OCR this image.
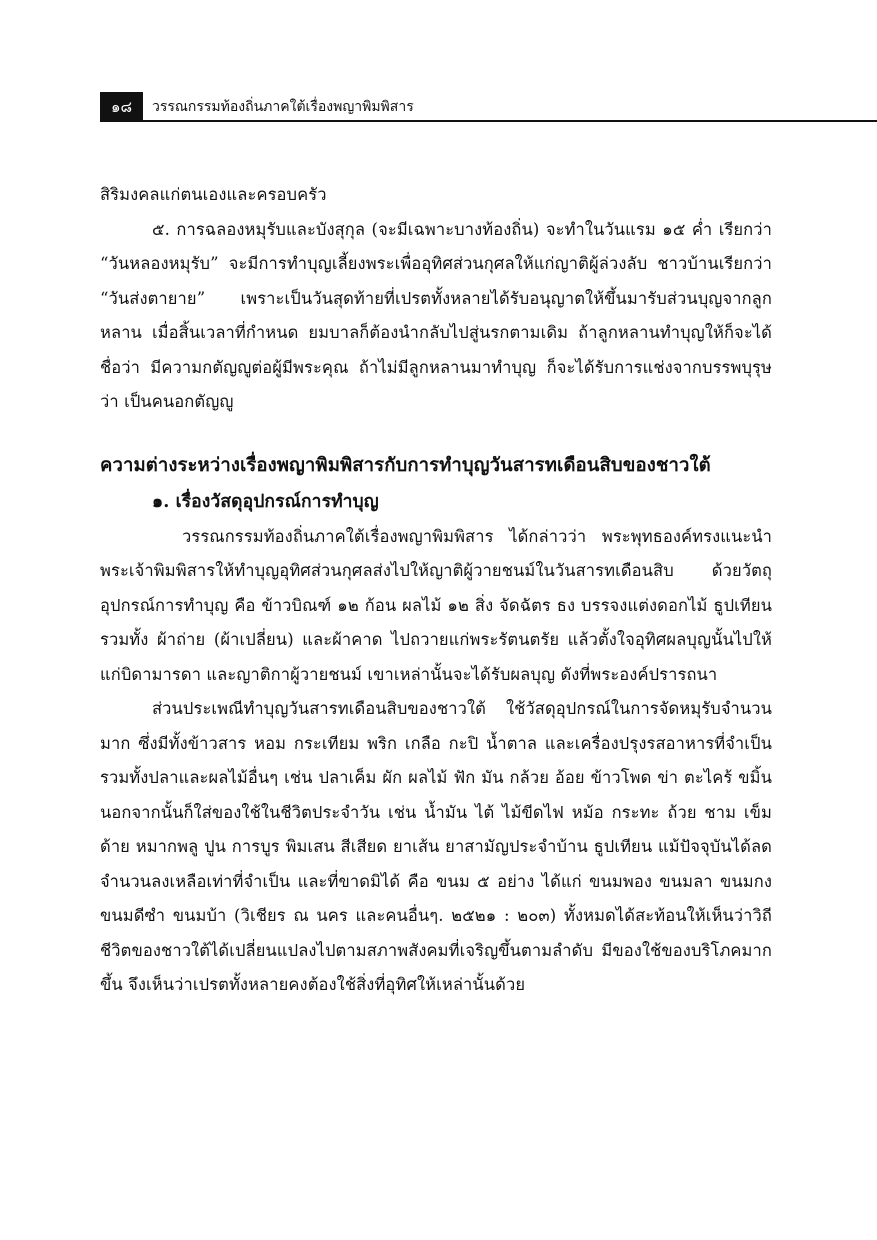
๑๘	วรรณกรรมท้องถิ่นภาคใต้เรื่องพญาพิมพิสาร

สิริมงคลแก่ตนเองและครอบครัว

๕. การฉลองหมุรับและบังสุกุล (จะมีเฉพาะบางท้องถิ่น) จะทำในวันแรม ๑๕ ค่ำ เรียกว่า “วันหลองหมุรับ” จะมีการทำบุญเลี้ยงพระเพื่ออุทิศส่วนกุศลให้แก่ญาติผู้ล่วงลับ ชาวบ้านเรียกว่า “วันส่งตายาย” เพราะเป็นวันสุดท้ายที่เปรตทั้งหลายได้รับอนุญาตให้ขึ้นมารับส่วนบุญจากลูกหลาน เมื่อสิ้นเวลาที่กำหนด ยมบาลก็ต้องนำกลับไปสู่นรกตามเดิม ถ้าลูกหลานทำบุญให้ก็จะได้ชื่อว่า มีความกตัญญูต่อผู้มีพระคุณ ถ้าไม่มีลูกหลานมาทำบุญ ก็จะได้รับการแช่งจากบรรพบุรุษว่า เป็นคนอกตัญญู

ความต่างระหว่างเรื่องพญาพิมพิสารกับการทำบุญวันสารทเดือนสิบของชาวใต้

๑. เรื่องวัสดุอุปกรณ์การทำบุญ

วรรณกรรมท้องถิ่นภาคใต้เรื่องพญาพิมพิสาร ได้กล่าวว่า พระพุทธองค์ทรงแนะนำ พระเจ้าพิมพิสารให้ทำบุญอุทิศส่วนกุศลส่งไปให้ญาติผู้วายชนม์ในวันสารทเดือนสิบ ด้วยวัตถุอุปกรณ์การทำบุญ คือ ข้าวบิณฑ์ ๑๒ ก้อน ผลไม้ ๑๒ สิ่ง จัดฉัตร ธง บรรจงแต่งดอกไม้ ธูปเทียนรวมทั้ง ผ้าถ่าย (ผ้าเปลี่ยน) และผ้าคาด ไปถวายแก่พระรัตนตรัย แล้วตั้งใจอุทิศผลบุญนั้นไปให้แก่บิดามารดา และญาติกาผู้วายชนม์ เขาเหล่านั้นจะได้รับผลบุญ ดังที่พระองค์ปรารถนา

ส่วนประเพณีทำบุญวันสารทเดือนสิบของชาวใต้ ใช้วัสดุอุปกรณ์ในการจัดหมุรับจำนวนมาก ซึ่งมีทั้งข้าวสาร หอม กระเทียม พริก เกลือ กะปิ น้ำตาล และเครื่องปรุงรสอาหารที่จำเป็น รวมทั้งปลาและผลไม้อื่นๆ เช่น ปลาเค็ม ผัก ผลไม้ ฟัก มัน กล้วย อ้อย ข้าวโพด ข่า ตะไคร้ ขมิ้น นอกจากนั้นก็ใส่ของใช้ในชีวิตประจำวัน เช่น น้ำมัน ไต้ ไม้ขีดไฟ หม้อ กระทะ ถ้วย ชาม เข็ม ด้าย หมากพลู ปูน การบูร พิมเสน สีเสียด ยาเส้น ยาสามัญประจำบ้าน ธูปเทียน แม้ปัจจุบันได้ลดจำนวนลงเหลือเท่าที่จำเป็น และที่ขาดมิได้ คือ ขนม ๕ อย่าง ได้แก่ ขนมพอง ขนมลา ขนมกง ขนมดีซำ ขนมบ้า (วิเชียร ณ นคร และคนอื่นๆ. ๒๕๒๑ : ๒๐๓) ทั้งหมดได้สะท้อนให้เห็นว่าวิถีชีวิตของชาวใต้ได้เปลี่ยนแปลงไปตามสภาพสังคมที่เจริญขึ้นตามลำดับ มีของใช้ของบริโภคมากขึ้น จึงเห็นว่าเปรตทั้งหลายคงต้องใช้สิ่งที่อุทิศให้เหล่านั้นด้วย
